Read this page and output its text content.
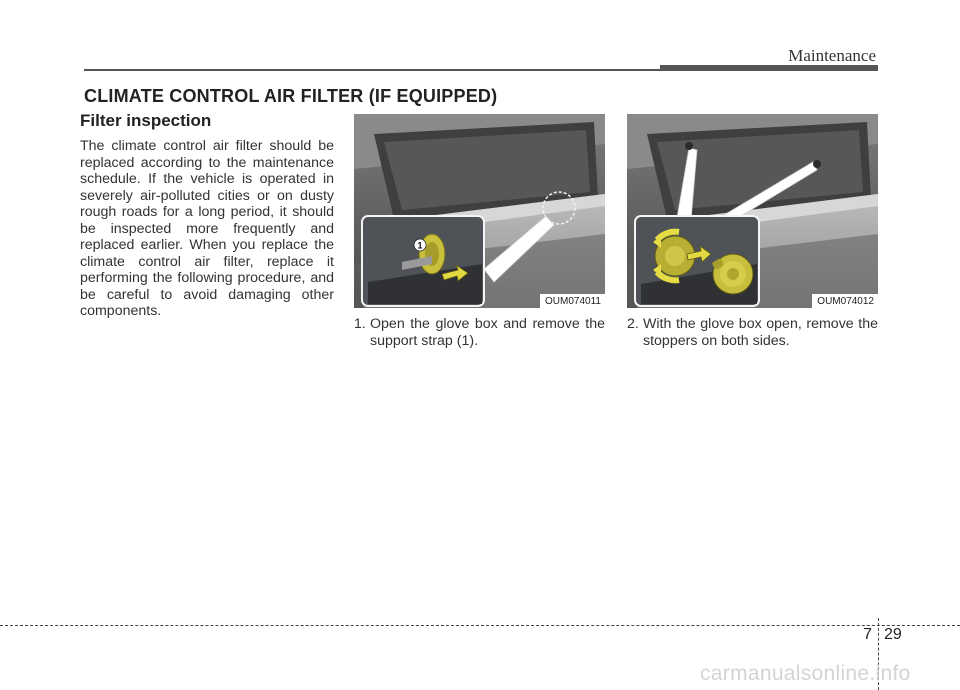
Maintenance
CLIMATE CONTROL AIR FILTER (IF EQUIPPED)
Filter inspection

The climate control air filter should be replaced according to the maintenance schedule. If the vehicle is operated in severely air-polluted cities or on dusty rough roads for a long period, it should be inspected more frequently and replaced earlier. When you replace the climate control air filter, replace it performing the following procedure, and be careful to avoid damaging other components.

1
OUM074011	OUM074012
1. Open the glove box and remove the support strap (1).

2. With the glove box open, remove the stoppers on both sides.

7 29
carmanualsonline.info
